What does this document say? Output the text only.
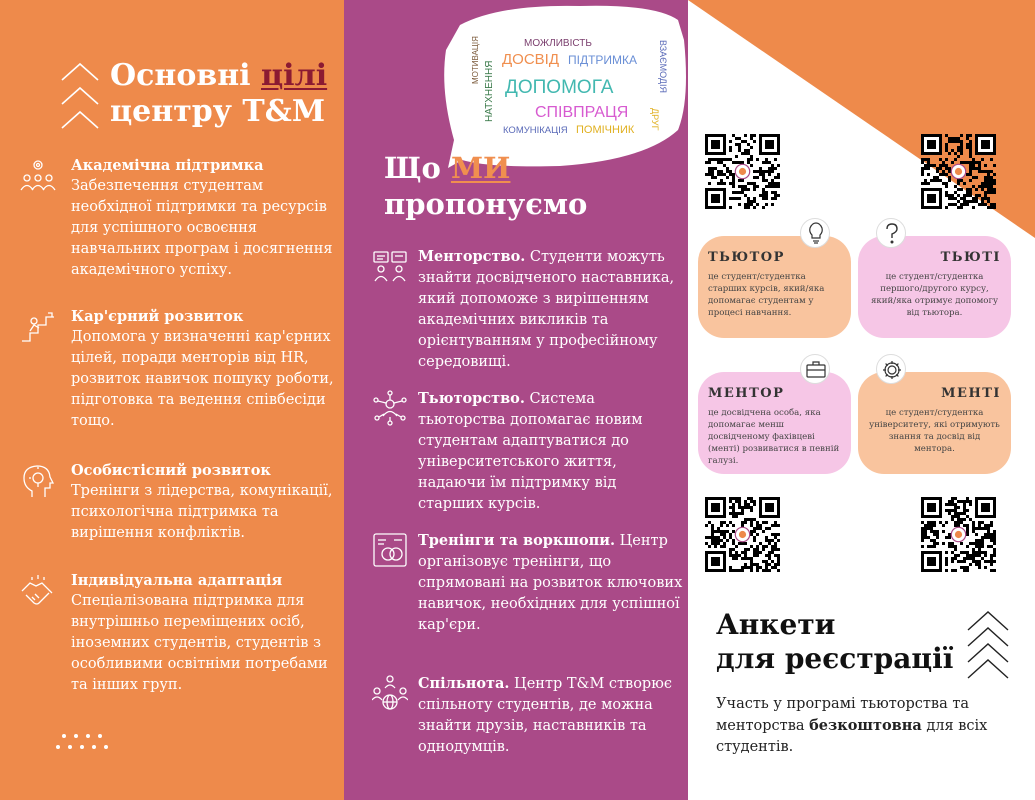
Основні цілі
центру T&M
Академічна підтримка

Забезпечення студентам необхідної підтримки та ресурсів для успішного освоєння навчальних програм і досягнення академічного успіху.

Кар'єрний розвиток

Допомога у визначенні кар'єрних цілей, поради менторів від HR, розвиток навичок пошуку роботи, підготовка та ведення співбесіди тощо.

Особистісний розвиток

Тренінги з лідерства, комунікації, психологічна підтримка та вирішення конфліктів.

Індивідуальна адаптація

Спеціалізована підтримка для внутрішньо переміщених осіб, іноземних студентів, студентів з особливими освітніми потребами та інших груп.

МОЖЛИВІСТЬ
ДОСВІД ПІДТРИМКА
ДОПОМОГА
СПІВПРАЦЯ
КОМУНІКАЦІЯ ПОМІЧНИК
МОТИВАЦІЯ
НАТХНЕННЯ	ВЗАЄМОДІЯ
ДРУГ
Що МИ
пропонуємо

Менторство. Студенти можуть знайти досвідченого наставника, який допоможе з вирішенням академічних викликів та орієнтуванням у професійному середовищі.

Тьюторство. Система тьюторства допомагає новим студентам адаптуватися до університетського життя, надаючи їм підтримку від старших курсів.

Тренінги та воркшопи. Центр організовує тренінги, що спрямовані на розвиток ключових навичок, необхідних для успішної кар'єри.

Спільнота. Центр T&M створює спільноту студентів, де можна знайти друзів, наставників та однодумців.

ТЬЮТОР
це студент/студентка старших курсів, який/яка допомагає студентам у процесі навчання.
ТЬЮТІ
це студент/студентка першого/другого курсу, який/яка отримує допомогу від тьютора.
МЕНТОР
це досвідчена особа, яка допомагає менш досвідченому фахівцеві (менті) розвиватися в певній галузі.
МЕНТІ
це студент/студентка університету, які отримують знання та досвід від ментора.
Анкети
для реєстрації
Участь у програмі тьюторства та менторства безкоштовна для всіх студентів.
